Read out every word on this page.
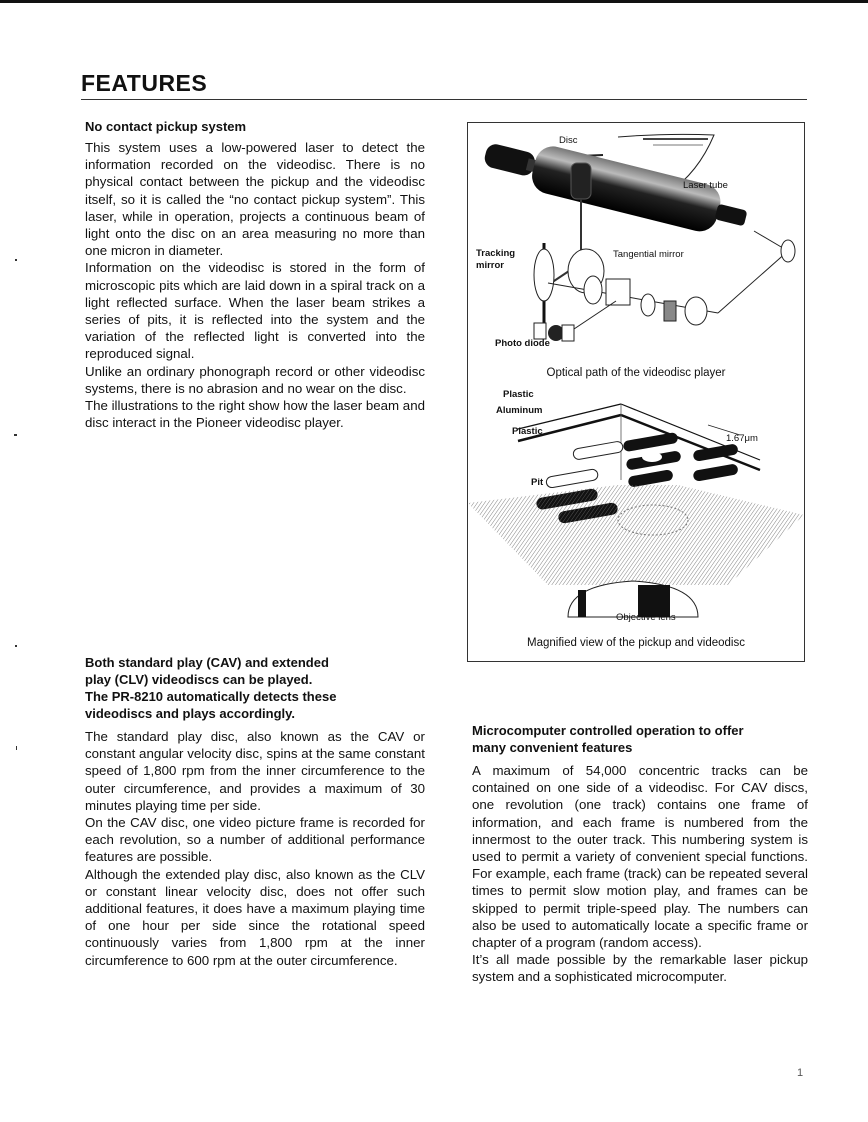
FEATURES
No contact pickup system

This system uses a low-powered laser to detect the information recorded on the videodisc. There is no physical contact between the pickup and the videodisc itself, so it is called the “no contact pickup system”. This laser, while in operation, projects a continuous beam of light onto the disc on an area measuring no more than one micron in diameter.

Information on the videodisc is stored in the form of microscopic pits which are laid down in a spiral track on a light reflected surface. When the laser beam strikes a series of pits, it is reflected into the system and the variation of the reflected light is converted into the reproduced signal.

Unlike an ordinary phonograph record or other videodisc systems, there is no abrasion and no wear on the disc.

The illustrations to the right show how the laser beam and disc interact in the Pioneer videodisc player.

Disc
Laser tube
Tracking
mirror
Tangential mirror
Photo diode
Optical path of the videodisc player
Plastic
Aluminum
Plastic
1.67μm
Pit
Objective lens
Magnified view of the pickup and videodisc
Both standard play (CAV) and extended
play (CLV) videodiscs can be played.
The PR-8210 automatically detects these
videodiscs and plays accordingly.

The standard play disc, also known as the CAV or constant angular velocity disc, spins at the same constant speed of 1,800 rpm from the inner circumference to the outer circumference, and provides a maximum of 30 minutes playing time per side.

On the CAV disc, one video picture frame is recorded for each revolution, so a number of additional performance features are possible.

Although the extended play disc, also known as the CLV or constant linear velocity disc, does not offer such additional features, it does have a maximum playing time of one hour per side since the rotational speed continuously varies from 1,800 rpm at the inner circumference to 600 rpm at the outer circumference.

Microcomputer controlled operation to offer
many convenient features

A maximum of 54,000 concentric tracks can be contained on one side of a videodisc. For CAV discs, one revolution (one track) contains one frame of information, and each frame is numbered from the innermost to the outer track. This numbering system is used to permit a variety of convenient special functions. For example, each frame (track) can be repeated several times to permit slow motion play, and frames can be skipped to permit triple-speed play. The numbers can also be used to automatically locate a specific frame or chapter of a program (random access).

It’s all made possible by the remarkable laser pickup system and a sophisticated microcomputer.

1
